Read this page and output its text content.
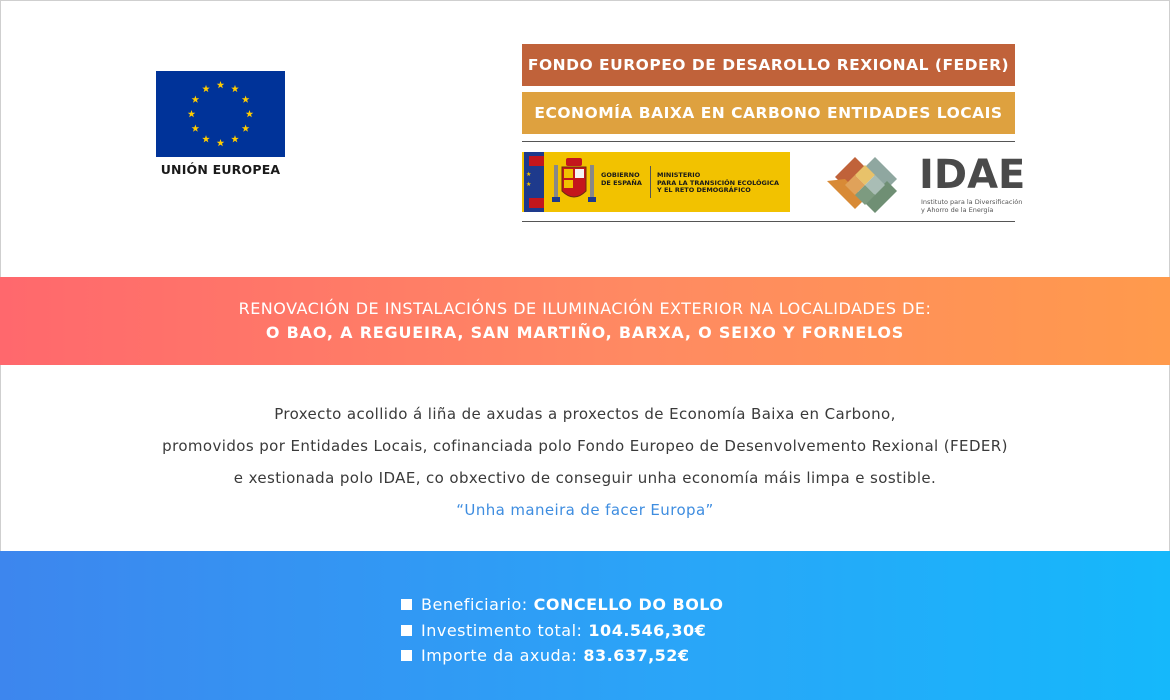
UNIÓN EUROPEA
FONDO EUROPEO DE DESAROLLO REXIONAL (FEDER)
ECONOMÍA BAIXA EN CARBONO ENTIDADES LOCAIS
★
★
GOBIERNO
DE ESPAÑA
MINISTERIO
PARA LA TRANSICIÓN ECOLÓGICA
Y EL RETO DEMOGRÁFICO	IDAE
Instituto para la Diversificación
y Ahorro de la Energía
RENOVACIÓN DE INSTALACIÓNS DE ILUMINACIÓN EXTERIOR NA LOCALIDADES DE:
O BAO, A REGUEIRA, SAN MARTIÑO, BARXA, O SEIXO Y FORNELOS
Proxecto acollido á liña de axudas a proxectos de Economía Baixa en Carbono,
promovidos por Entidades Locais, cofinanciada polo Fondo Europeo de Desenvolvemento Rexional (FEDER)
e xestionada polo IDAE, co obxectivo de conseguir unha economía máis limpa e sostible.
“Unha maneira de facer Europa”
Beneficiario: CONCELLO DO BOLO
Investimento total: 104.546,30€
Importe da axuda: 83.637,52€
